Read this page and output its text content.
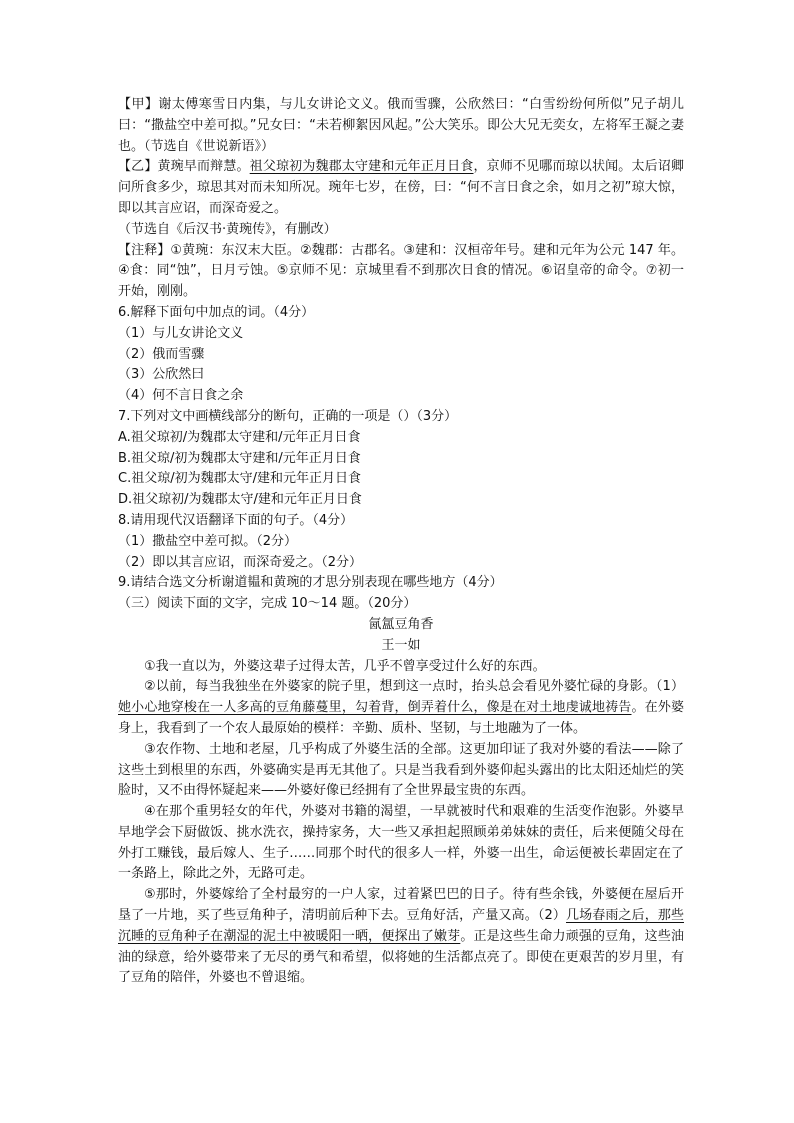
【甲】谢太傅寒雪日内集，与儿女讲论文义。俄而雪骤，公欣然曰：“白雪纷纷何所似”兄子胡儿曰：“撒盐空中差可拟。”兄女曰：“未若柳絮因风起。”公大笑乐。即公大兄无奕女，左将军王凝之妻也。（节选自《世说新语》）

【乙】黄琬早而辩慧。祖父琼初为魏郡太守建和元年正月日食，京师不见哪而琼以状闻。太后诏卿问所食多少，琼思其对而未知所况。琬年七岁，在傍，曰：“何不言日食之余，如月之初”琼大惊，即以其言应诏，而深奇爱之。

（节选自《后汉书·黄琬传》，有删改）

【注释】①黄琬：东汉末大臣。②魏郡：古郡名。③建和：汉桓帝年号。建和元年为公元 147 年。④食：同“蚀”，日月亏蚀。⑤京师不见：京城里看不到那次日食的情况。⑥诏皇帝的命令。⑦初一开始，刚刚。

6.解释下面句中加点的词。（4分）

（1）与儿女讲论文义

（2）俄而雪骤

（3）公欣然曰

（4）何不言日食之余

7.下列对文中画横线部分的断句，正确的一项是（）（3分）

A.祖父琼初/为魏郡太守建和/元年正月日食

B.祖父琼/初为魏郡太守建和/元年正月日食

C.祖父琼/初为魏郡太守/建和元年正月日食

D.祖父琼初/为魏郡太守/建和元年正月日食

8.请用现代汉语翻译下面的句子。（4分）

（1）撒盐空中差可拟。（2分）

（2）即以其言应诏，而深奇爱之。（2分）

9.请结合选文分析谢道韫和黄琬的才思分别表现在哪些地方（4分）

（三）阅读下面的文字，完成 10～14 题。（20分）

氤氲豆角香

王一如

①我一直以为，外婆这辈子过得太苦，几乎不曾享受过什么好的东西。

②以前，每当我独坐在外婆家的院子里，想到这一点时，抬头总会看见外婆忙碌的身影。（1）她小心地穿梭在一人多高的豆角藤蔓里，勾着背，倒弄着什么，像是在对土地虔诚地祷告。在外婆身上，我看到了一个农人最原始的模样：辛勤、质朴、坚韧，与土地融为了一体。

③农作物、土地和老屋，几乎构成了外婆生活的全部。这更加印证了我对外婆的看法——除了这些土到根里的东西，外婆确实是再无其他了。只是当我看到外婆仰起头露出的比太阳还灿烂的笑脸时，又不由得怀疑起来——外婆好像已经拥有了全世界最宝贵的东西。

④在那个重男轻女的年代，外婆对书籍的渴望，一早就被时代和艰难的生活变作泡影。外婆早早地学会下厨做饭、挑水洗衣，操持家务，大一些又承担起照顾弟弟妹妹的责任，后来便随父母在外打工赚钱，最后嫁人、生子……同那个时代的很多人一样，外婆一出生，命运便被长辈固定在了一条路上，除此之外，无路可走。

⑤那时，外婆嫁给了全村最穷的一户人家，过着紧巴巴的日子。待有些余钱，外婆便在屋后开垦了一片地，买了些豆角种子，清明前后种下去。豆角好活，产量又高。（2）几场春雨之后，那些沉睡的豆角种子在潮湿的泥土中被暖阳一晒，便探出了嫩芽。正是这些生命力顽强的豆角，这些油油的绿意，给外婆带来了无尽的勇气和希望，似将她的生活都点亮了。即使在更艰苦的岁月里，有了豆角的陪伴，外婆也不曾退缩。
